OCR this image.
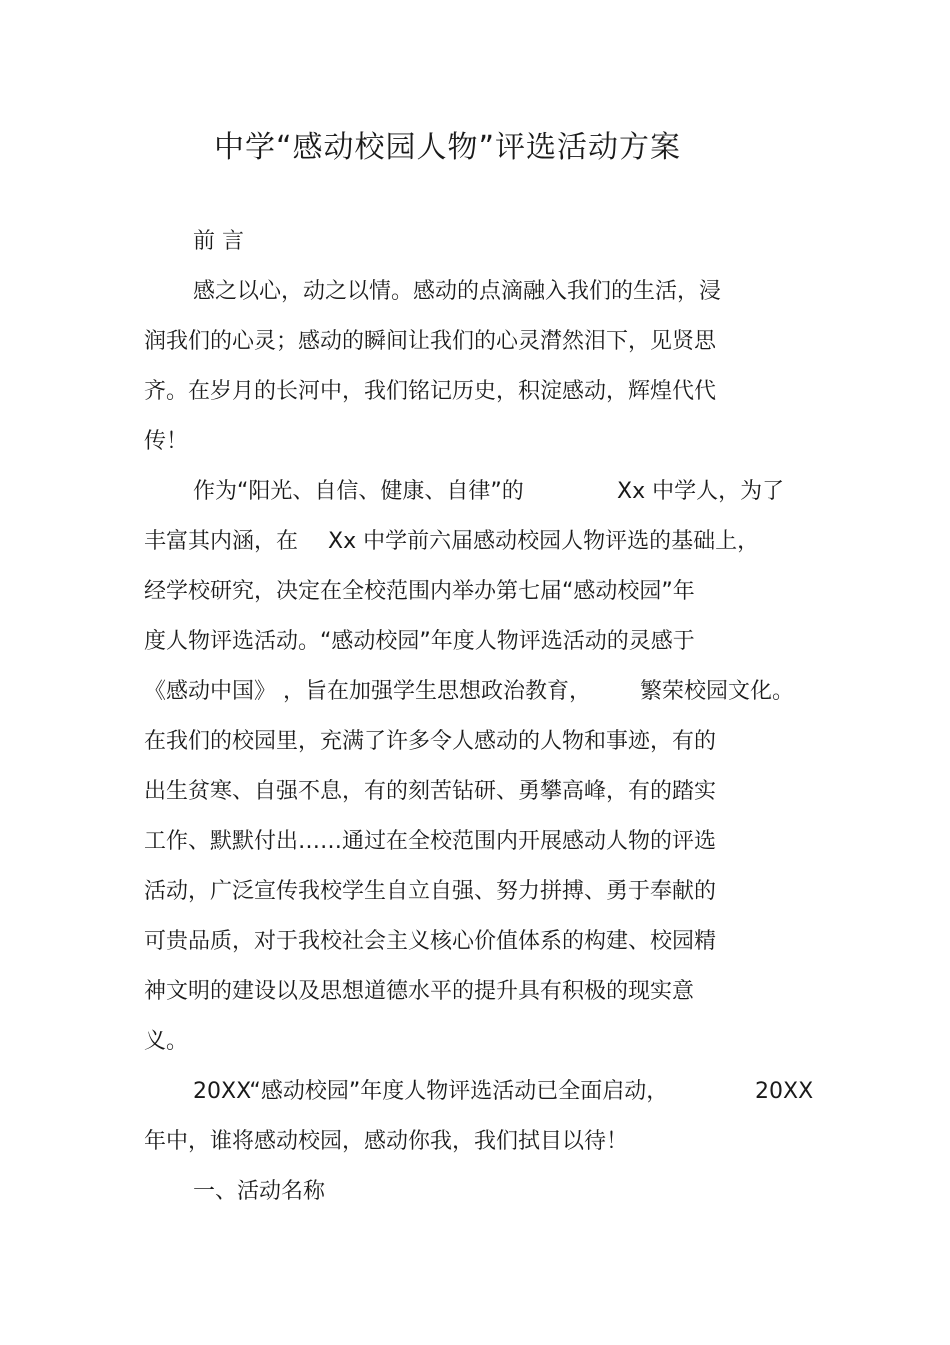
中学“感动校园人物”评选活动方案
前 言
感之以心，动之以情。感动的点滴融入我们的生活，浸
润我们的心灵；感动的瞬间让我们的心灵潸然泪下，见贤思
齐。在岁月的长河中，我们铭记历史，积淀感动，辉煌代代
传！
作为“阳光、自信、健康、自律”的	Xx 中学人，为了
丰富其内涵，在 Xx 中学前六届感动校园人物评选的基础上，
经学校研究，决定在全校范围内举办第七届“感动校园”年
度人物评选活动。“感动校园”年度人物评选活动的灵感于
《感动中国》 ，旨在加强学生思想政治教育， 繁荣校园文化。
在我们的校园里，充满了许多令人感动的人物和事迹，有的
出生贫寒、自强不息，有的刻苦钻研、勇攀高峰，有的踏实
工作、默默付出……通过在全校范围内开展感动人物的评选
活动，广泛宣传我校学生自立自强、努力拼搏、勇于奉献的
可贵品质，对于我校社会主义核心价值体系的构建、校园精
神文明的建设以及思想道德水平的提升具有积极的现实意
义。
20XX“感动校园”年度人物评选活动已全面启动，	20XX
年中，谁将感动校园，感动你我，我们拭目以待！
一、活动名称
